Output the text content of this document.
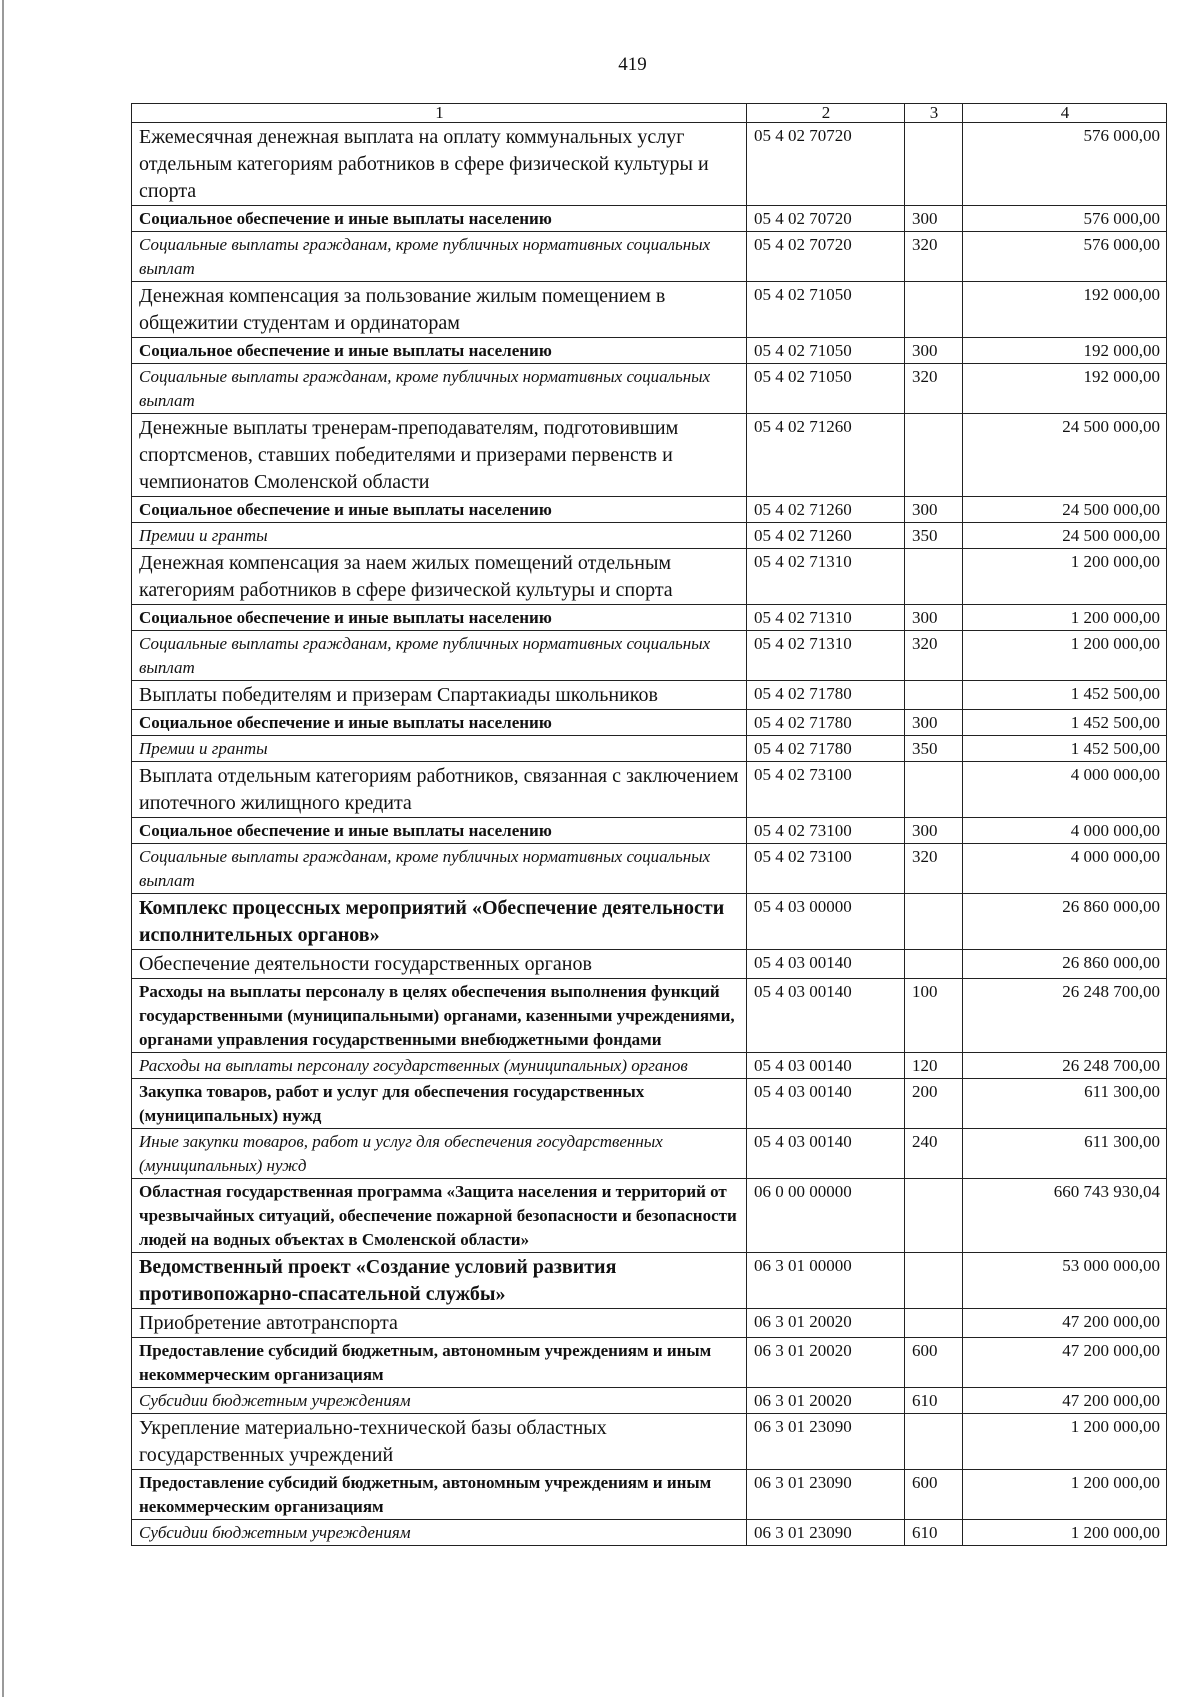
419
1	2	3	4
Ежемесячная денежная выплата на оплату коммунальных услуг отдельным категориям работников в сфере физической культуры и спорта	05 4 02 70720		576 000,00
Социальное обеспечение и иные выплаты населению	05 4 02 70720	300	576 000,00
Социальные выплаты гражданам, кроме публичных нормативных социальных выплат	05 4 02 70720	320	576 000,00
Денежная компенсация за пользование жилым помещением в общежитии студентам и ординаторам	05 4 02 71050		192 000,00
Социальное обеспечение и иные выплаты населению	05 4 02 71050	300	192 000,00
Социальные выплаты гражданам, кроме публичных нормативных социальных выплат	05 4 02 71050	320	192 000,00
Денежные выплаты тренерам-преподавателям, подготовившим спортсменов, ставших победителями и призерами первенств и чемпионатов Смоленской области	05 4 02 71260		24 500 000,00
Социальное обеспечение и иные выплаты населению	05 4 02 71260	300	24 500 000,00
Премии и гранты	05 4 02 71260	350	24 500 000,00
Денежная компенсация за наем жилых помещений отдельным категориям работников в сфере физической культуры и спорта	05 4 02 71310		1 200 000,00
Социальное обеспечение и иные выплаты населению	05 4 02 71310	300	1 200 000,00
Социальные выплаты гражданам, кроме публичных нормативных социальных выплат	05 4 02 71310	320	1 200 000,00
Выплаты победителям и призерам Спартакиады школьников	05 4 02 71780		1 452 500,00
Социальное обеспечение и иные выплаты населению	05 4 02 71780	300	1 452 500,00
Премии и гранты	05 4 02 71780	350	1 452 500,00
Выплата отдельным категориям работников, связанная с заключением ипотечного жилищного кредита	05 4 02 73100		4 000 000,00
Социальное обеспечение и иные выплаты населению	05 4 02 73100	300	4 000 000,00
Социальные выплаты гражданам, кроме публичных нормативных социальных выплат	05 4 02 73100	320	4 000 000,00
Комплекс процессных мероприятий «Обеспечение деятельности исполнительных органов»	05 4 03 00000		26 860 000,00
Обеспечение деятельности государственных органов	05 4 03 00140		26 860 000,00
Расходы на выплаты персоналу в целях обеспечения выполнения функций государственными (муниципальными) органами, казенными учреждениями, органами управления государственными внебюджетными фондами	05 4 03 00140	100	26 248 700,00
Расходы на выплаты персоналу государственных (муниципальных) органов	05 4 03 00140	120	26 248 700,00
Закупка товаров, работ и услуг для обеспечения государственных (муниципальных) нужд	05 4 03 00140	200	611 300,00
Иные закупки товаров, работ и услуг для обеспечения государственных (муниципальных) нужд	05 4 03 00140	240	611 300,00
Областная государственная программа «Защита населения и территорий от чрезвычайных ситуаций, обеспечение пожарной безопасности и безопасности людей на водных объектах в Смоленской области»	06 0 00 00000		660 743 930,04
Ведомственный проект «Создание условий развития противопожарно-спасательной службы»	06 3 01 00000		53 000 000,00
Приобретение автотранспорта	06 3 01 20020		47 200 000,00
Предоставление субсидий бюджетным, автономным учреждениям и иным некоммерческим организациям	06 3 01 20020	600	47 200 000,00
Субсидии бюджетным учреждениям	06 3 01 20020	610	47 200 000,00
Укрепление материально-технической базы областных государственных учреждений	06 3 01 23090		1 200 000,00
Предоставление субсидий бюджетным, автономным учреждениям и иным некоммерческим организациям	06 3 01 23090	600	1 200 000,00
Субсидии бюджетным учреждениям	06 3 01 23090	610	1 200 000,00
